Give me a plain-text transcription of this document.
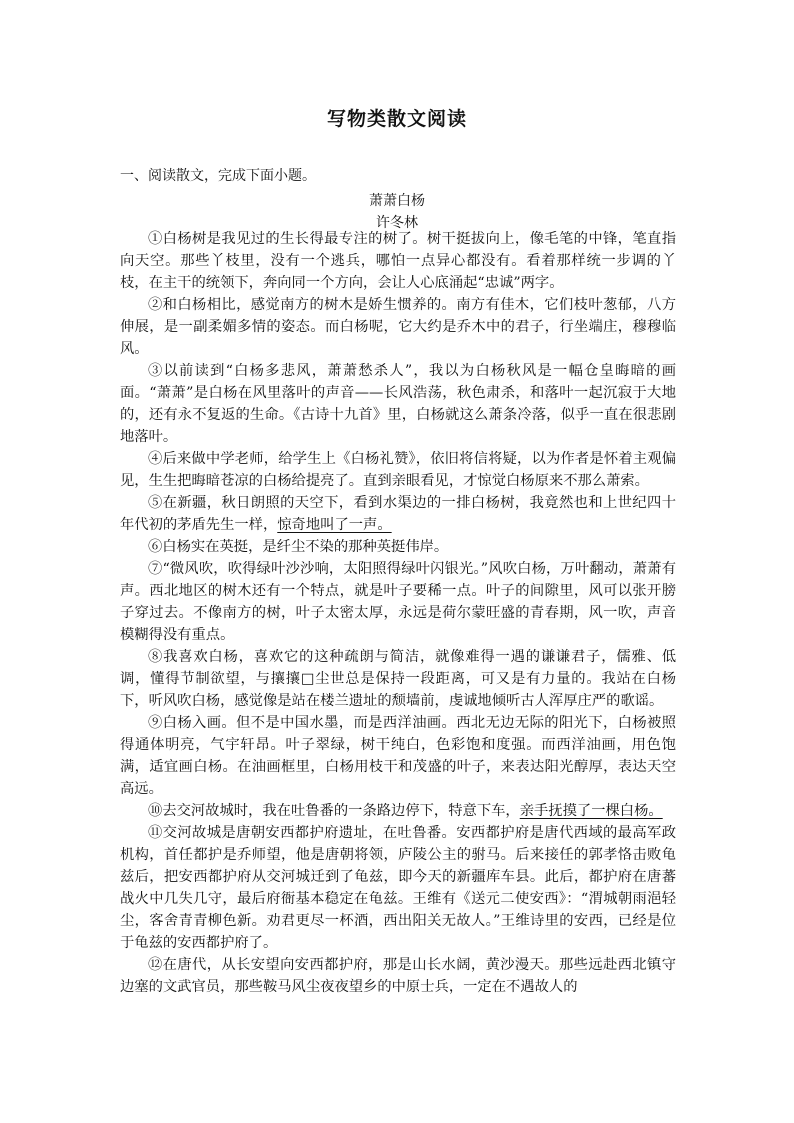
写物类散文阅读
一、阅读散文，完成下面小题。
萧萧白杨
许冬林

①白杨树是我见过的生长得最专注的树了。树干挺拔向上，像毛笔的中锋，笔直指向天空。那些丫枝里，没有一个逃兵，哪怕一点异心都没有。看着那样统一步调的丫枝，在主干的统领下，奔向同一个方向，会让人心底涌起“忠诚”两字。

②和白杨相比，感觉南方的树木是娇生惯养的。南方有佳木，它们枝叶葱郁，八方伸展，是一副柔媚多情的姿态。而白杨呢，它大约是乔木中的君子，行坐端庄，穆穆临风。

③以前读到“白杨多悲风，萧萧愁杀人”，我以为白杨秋风是一幅仓皇晦暗的画面。“萧萧”是白杨在风里落叶的声音——长风浩荡，秋色肃杀，和落叶一起沉寂于大地的，还有永不复返的生命。《古诗十九首》里，白杨就这么萧条冷落，似乎一直在很悲剧地落叶。

④后来做中学老师，给学生上《白杨礼赞》，依旧将信将疑，以为作者是怀着主观偏见，生生把晦暗苍凉的白杨给提亮了。直到亲眼看见，才惊觉白杨原来不那么萧索。

⑤在新疆，秋日朗照的天空下，看到水渠边的一排白杨树，我竟然也和上世纪四十年代初的茅盾先生一样，惊奇地叫了一声。

⑥白杨实在英挺，是纤尘不染的那种英挺伟岸。

⑦“微风吹，吹得绿叶沙沙响，太阳照得绿叶闪银光。”风吹白杨，万叶翻动，萧萧有声。西北地区的树木还有一个特点，就是叶子要稀一点。叶子的间隙里，风可以张开膀子穿过去。不像南方的树，叶子太密太厚，永远是荷尔蒙旺盛的青春期，风一吹，声音模糊得没有重点。

⑧我喜欢白杨，喜欢它的这种疏朗与简洁，就像难得一遇的谦谦君子，儒雅、低调，懂得节制欲望，与攘攘□尘世总是保持一段距离，可又是有力量的。我站在白杨下，听风吹白杨，感觉像是站在楼兰遗址的颓墙前，虔诚地倾听古人浑厚庄严的歌谣。

⑨白杨入画。但不是中国水墨，而是西洋油画。西北无边无际的阳光下，白杨被照得通体明亮，气宇轩昂。叶子翠绿，树干纯白，色彩饱和度强。而西洋油画，用色饱满，适宜画白杨。在油画框里，白杨用枝干和茂盛的叶子，来表达阳光醇厚，表达天空高远。

⑩去交河故城时，我在吐鲁番的一条路边停下，特意下车，亲手抚摸了一棵白杨。

⑪交河故城是唐朝安西都护府遗址，在吐鲁番。安西都护府是唐代西域的最高军政机构，首任都护是乔师望，他是唐朝将领，庐陵公主的驸马。后来接任的郭孝恪击败龟兹后，把安西都护府从交河城迁到了龟兹，即今天的新疆库车县。此后，都护府在唐蕃战火中几失几守，最后府衙基本稳定在龟兹。王维有《送元二使安西》：“渭城朝雨浥轻尘，客舍青青柳色新。劝君更尽一杯酒，西出阳关无故人。”王维诗里的安西，已经是位于龟兹的安西都护府了。

⑫在唐代，从长安望向安西都护府，那是山长水阔，黄沙漫天。那些远赴西北镇守边塞的文武官员，那些鞍马风尘夜夜望乡的中原士兵，一定在不遇故人的
